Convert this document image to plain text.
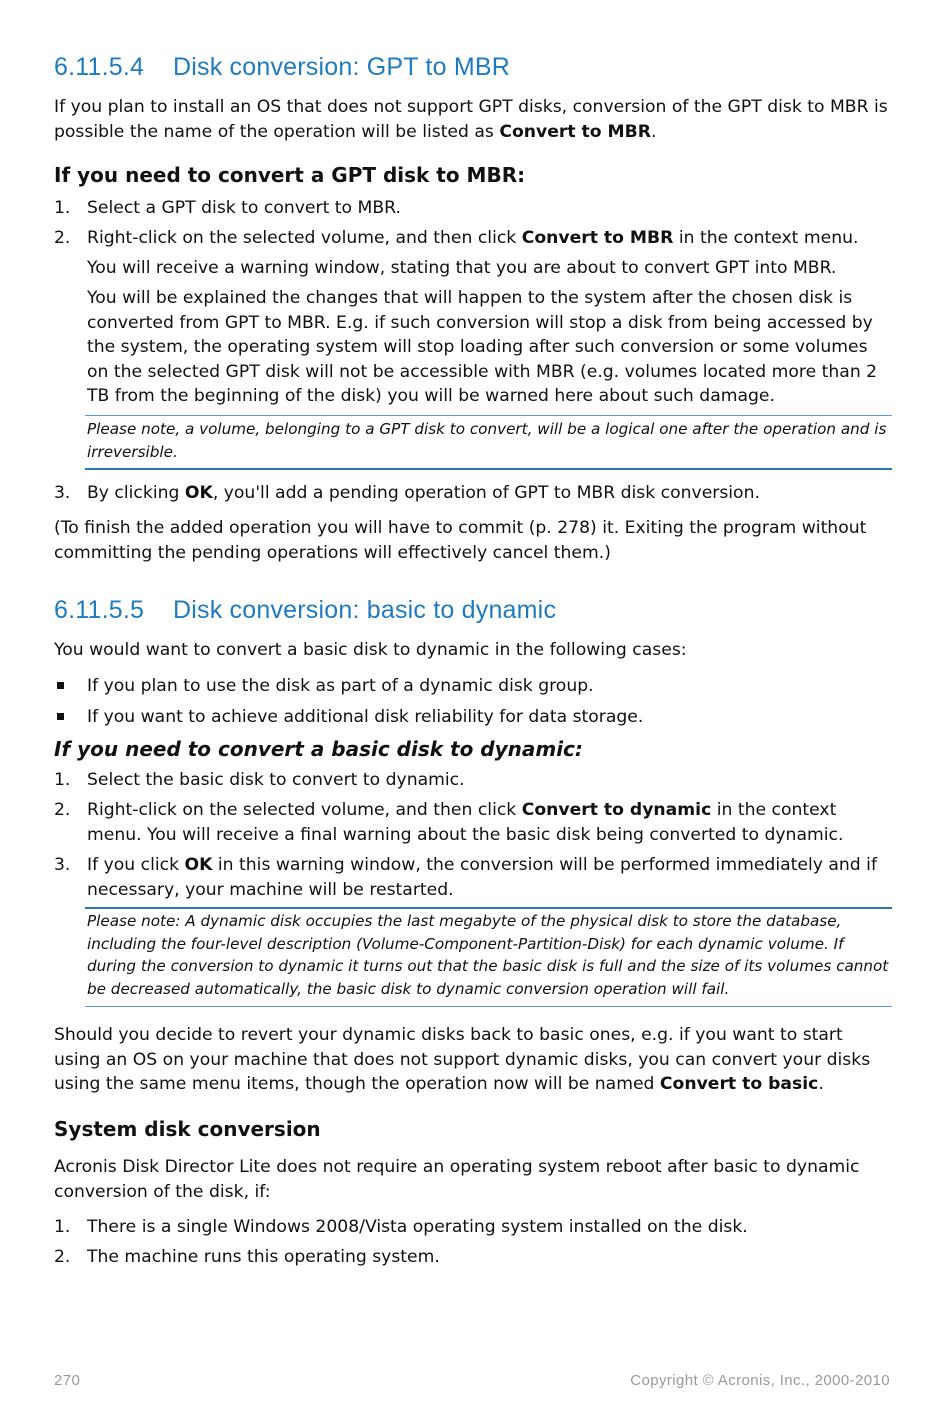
6.11.5.4 Disk conversion: GPT to MBR

If you plan to install an OS that does not support GPT disks, conversion of the GPT disk to MBR is possible the name of the operation will be listed as Convert to MBR.

If you need to convert a GPT disk to MBR:
1. Select a GPT disk to convert to MBR.
2. Right-click on the selected volume, and then click Convert to MBR in the context menu.

You will receive a warning window, stating that you are about to convert GPT into MBR.

You will be explained the changes that will happen to the system after the chosen disk is converted from GPT to MBR. E.g. if such conversion will stop a disk from being accessed by the system, the operating system will stop loading after such conversion or some volumes on the selected GPT disk will not be accessible with MBR (e.g. volumes located more than 2 TB from the beginning of the disk) you will be warned here about such damage.

Please note, a volume, belonging to a GPT disk to convert, will be a logical one after the operation and is irreversible.

3. By clicking OK, you'll add a pending operation of GPT to MBR disk conversion.

(To finish the added operation you will have to commit (p. 278) it. Exiting the program without committing the pending operations will effectively cancel them.)

6.11.5.5 Disk conversion: basic to dynamic

You would want to convert a basic disk to dynamic in the following cases:

If you plan to use the disk as part of a dynamic disk group.
If you want to achieve additional disk reliability for data storage.
If you need to convert a basic disk to dynamic:
1. Select the basic disk to convert to dynamic.
2. Right-click on the selected volume, and then click Convert to dynamic in the context menu. You will receive a final warning about the basic disk being converted to dynamic.
3. If you click OK in this warning window, the conversion will be performed immediately and if necessary, your machine will be restarted.

Please note: A dynamic disk occupies the last megabyte of the physical disk to store the database, including the four-level description (Volume-Component-Partition-Disk) for each dynamic volume. If during the conversion to dynamic it turns out that the basic disk is full and the size of its volumes cannot be decreased automatically, the basic disk to dynamic conversion operation will fail.

Should you decide to revert your dynamic disks back to basic ones, e.g. if you want to start using an OS on your machine that does not support dynamic disks, you can convert your disks using the same menu items, though the operation now will be named Convert to basic.

System disk conversion

Acronis Disk Director Lite does not require an operating system reboot after basic to dynamic conversion of the disk, if:

1. There is a single Windows 2008/Vista operating system installed on the disk.
2. The machine runs this operating system.
270	Copyright © Acronis, Inc., 2000-2010
